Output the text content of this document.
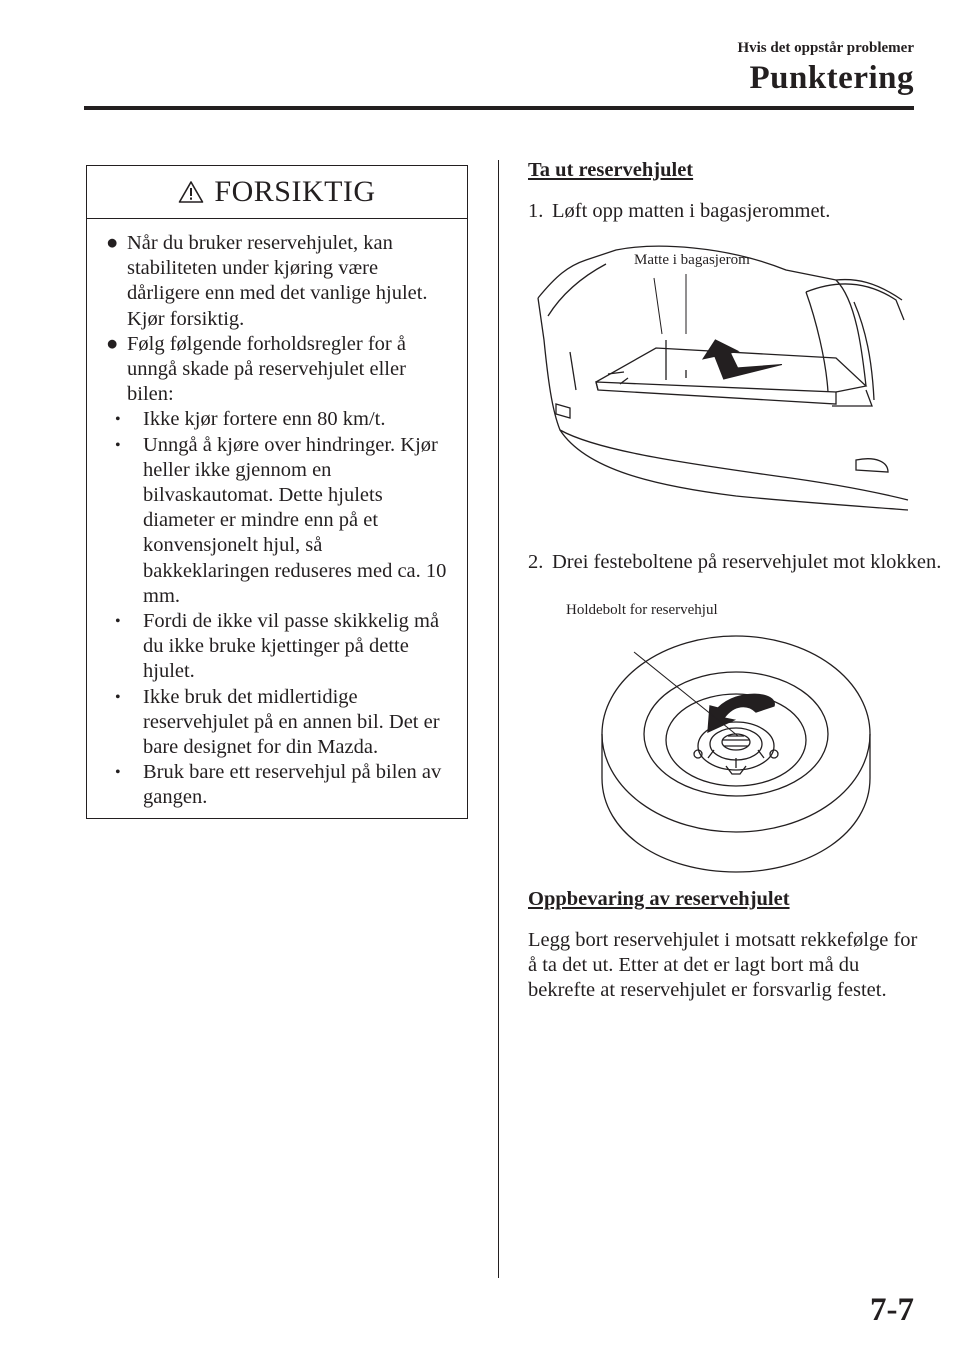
Hvis det oppstår problemer
Punktering
FORSIKTIG
● Når du bruker reservehjulet, kan stabiliteten under kjøring være dårligere enn med det vanlige hjulet. Kjør forsiktig.
● Følg følgende forholdsregler for å unngå skade på reservehjulet eller bilen:
• Ikke kjør fortere enn 80 km/t.
• Unngå å kjøre over hindringer. Kjør heller ikke gjennom en bilvaskautomat. Dette hjulets diameter er mindre enn på et konvensjonelt hjul, så bakkeklaringen reduseres med ca. 10 mm.
• Fordi de ikke vil passe skikkelig må du ikke bruke kjettinger på dette hjulet.
• Ikke bruk det midlertidige reservehjulet på en annen bil. Det er bare designet for din Mazda.
• Bruk bare ett reservehjul på bilen av gangen.
Ta ut reservehjulet
1. Løft opp matten i bagasjerommet.
Matte i bagasjerom
2. Drei festeboltene på reservehjulet mot klokken.
Holdebolt for reservehjul
Oppbevaring av reservehjulet
Legg bort reservehjulet i motsatt rekkefølge for å ta det ut. Etter at det er lagt bort må du bekrefte at reservehjulet er forsvarlig festet.
7-7
